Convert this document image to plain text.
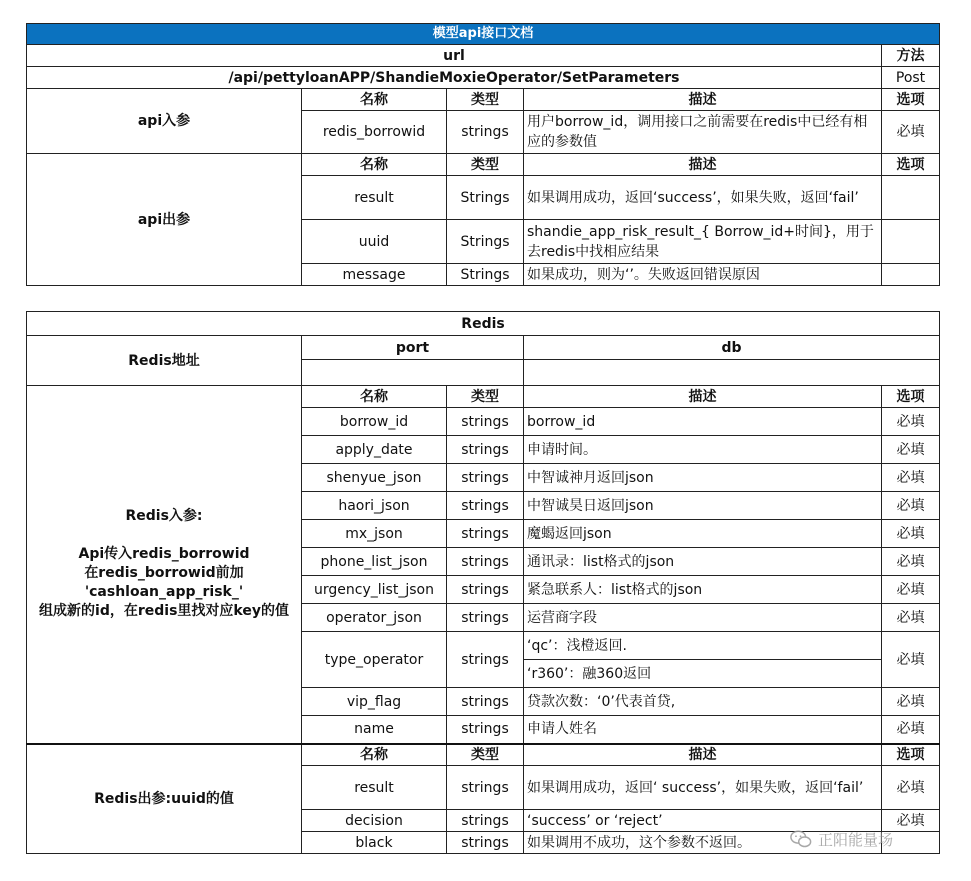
模型api接口文档				
url				方法
/api/pettyloanAPP/ShandieMoxieOperator/SetParameters				Post
api入参	名称	类型	描述	选项
	redis_borrowid	strings	用户borrow_id，调用接口之前需要在redis中已经有相应的参数值	必填
api出参	名称	类型	描述	选项
	result	Strings	如果调用成功，返回‘success’，如果失败，返回‘fail’	
	uuid	Strings	shandie_app_risk_result_{ Borrow_id+时间}，用于去redis中找相应结果	
	message	Strings	如果成功，则为‘’。失败返回错误原因	
Redis				
Redis地址	port		db	

Redis入参:
Api传入redis_borrowid
在redis_borrowid前加
'cashloan_app_risk_'
组成新的id，在redis里找对应key的值	名称	类型	描述	选项
	borrow_id	strings	borrow_id	必填
	apply_date	strings	申请时间。	必填
	shenyue_json	strings	中智诚神月返回json	必填
	haori_json	strings	中智诚昊日返回json	必填
	mx_json	strings	魔蝎返回json	必填
	phone_list_json	strings	通讯录：list格式的json	必填
	urgency_list_json	strings	紧急联系人：list格式的json	必填
	operator_json	strings	运营商字段	必填
	type_operator	strings	‘qc’：浅橙返回.	必填
			‘r360’：融360返回	
	vip_flag	strings	贷款次数：‘0’代表首贷,	必填
	name	strings	申请人姓名	必填
Redis出参:uuid的值	名称	类型	描述	选项
	result	strings	如果调用成功，返回‘ success’，如果失败，返回‘fail’	必填
	decision	strings	‘success’ or ‘reject’	必填
	black	strings	如果调用不成功，这个参数不返回。		正阳能量场
